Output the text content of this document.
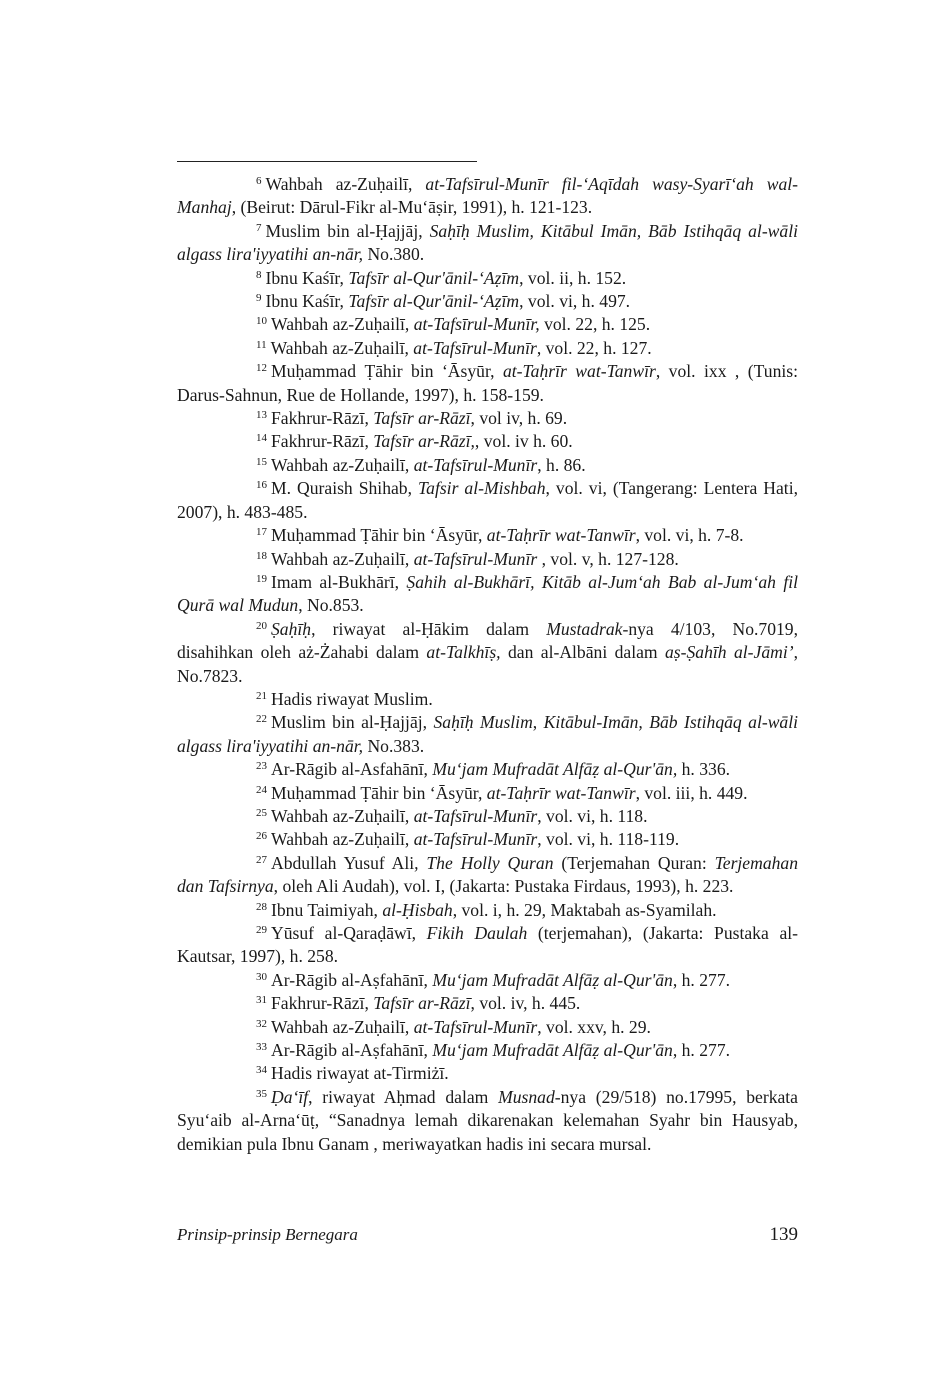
$^6$ Wahbah az-Zuḥailī, at-Tafsīrul-Munīr fil-‘Aqīdah wasy-Syarī‘ah wal-Manhaj, (Beirut: Dārul-Fikr al-Mu‘āṣir, 1991), h. 121-123.

$^7$ Muslim bin al-Ḥajjāj, Saḥīḥ Muslim, Kitābul Imān, Bāb Istihqāq al-wāli algass lira'iyyatihi an-nār, No.380.

$^8$ Ibnu Kaśīr, Tafsīr al-Qur'ānil-‘Aẓīm, vol. ii, h. 152.

$^9$ Ibnu Kaśīr, Tafsīr al-Qur'ānil-‘Aẓīm, vol. vi, h. 497.

$^{10}$ Wahbah az-Zuḥailī, at-Tafsīrul-Munīr, vol. 22, h. 125.

$^{11}$ Wahbah az-Zuḥailī, at-Tafsīrul-Munīr, vol. 22, h. 127.

$^{12}$ Muḥammad Ṭāhir bin ‘Āsyūr, at-Taḥrīr wat-Tanwīr, vol. ixx , (Tunis: Darus-Sahnun, Rue de Hollande, 1997), h. 158-159.

$^{13}$ Fakhrur-Rāzī, Tafsīr ar-Rāzī, vol iv, h. 69.

$^{14}$ Fakhrur-Rāzī, Tafsīr ar-Rāzī,, vol. iv h. 60.

$^{15}$ Wahbah az-Zuḥailī, at-Tafsīrul-Munīr, h. 86.

$^{16}$ M. Quraish Shihab, Tafsir al-Mishbah, vol. vi, (Tangerang: Lentera Hati, 2007), h. 483-485.

$^{17}$ Muḥammad Ṭāhir bin ‘Āsyūr, at-Taḥrīr wat-Tanwīr, vol. vi, h. 7-8.

$^{18}$ Wahbah az-Zuḥailī, at-Tafsīrul-Munīr , vol. v, h. 127-128.

$^{19}$ Imam al-Bukhārī, Ṣahih al-Bukhārī, Kitāb al-Jum‘ah Bab al-Jum‘ah fil Qurā wal Mudun, No.853.

$^{20}$ Ṣaḥīḥ, riwayat al-Ḥākim dalam Mustadrak-nya 4/103, No.7019, disahihkan oleh aż-Żahabi dalam at-Talkhīṣ, dan al-Albāni dalam aṣ-Ṣahīh al-Jāmi’, No.7823.

$^{21}$ Hadis riwayat Muslim.

$^{22}$ Muslim bin al-Ḥajjāj, Saḥīḥ Muslim, Kitābul-Imān, Bāb Istihqāq al-wāli algass lira'iyyatihi an-nār, No.383.

$^{23}$ Ar-Rāgib al-Asfahānī, Mu‘jam Mufradāt Alfāẓ al-Qur'ān, h. 336.

$^{24}$ Muḥammad Ṭāhir bin ‘Āsyūr, at-Taḥrīr wat-Tanwīr, vol. iii, h. 449.

$^{25}$ Wahbah az-Zuḥailī, at-Tafsīrul-Munīr, vol. vi, h. 118.

$^{26}$ Wahbah az-Zuḥailī, at-Tafsīrul-Munīr, vol. vi, h. 118-119.

$^{27}$ Abdullah Yusuf Ali, The Holly Quran (Terjemahan Quran: Terjemahan dan Tafsirnya, oleh Ali Audah), vol. I, (Jakarta: Pustaka Firdaus, 1993), h. 223.

$^{28}$ Ibnu Taimiyah, al-Ḥisbah, vol. i, h. 29, Maktabah as-Syamilah.

$^{29}$ Yūsuf al-Qaraḍāwī, Fikih Daulah (terjemahan), (Jakarta: Pustaka al-Kautsar, 1997), h. 258.

$^{30}$ Ar-Rāgib al-Aṣfahānī, Mu‘jam Mufradāt Alfāẓ al-Qur'ān, h. 277.

$^{31}$ Fakhrur-Rāzī, Tafsīr ar-Rāzī, vol. iv, h. 445.

$^{32}$ Wahbah az-Zuḥailī, at-Tafsīrul-Munīr, vol. xxv, h. 29.

$^{33}$ Ar-Rāgib al-Aṣfahānī, Mu‘jam Mufradāt Alfāẓ al-Qur'ān, h. 277.

$^{34}$ Hadis riwayat at-Tirmiżī.

$^{35}$ Ḍa‘īf, riwayat Aḥmad dalam Musnad-nya (29/518) no.17995, berkata Syu‘aib al-Arna‘ūṭ, “Sanadnya lemah dikarenakan kelemahan Syahr bin Hausyab, demikian pula Ibnu Ganam , meriwayatkan hadis ini secara mursal.

Prinsip-prinsip Bernegara	139
